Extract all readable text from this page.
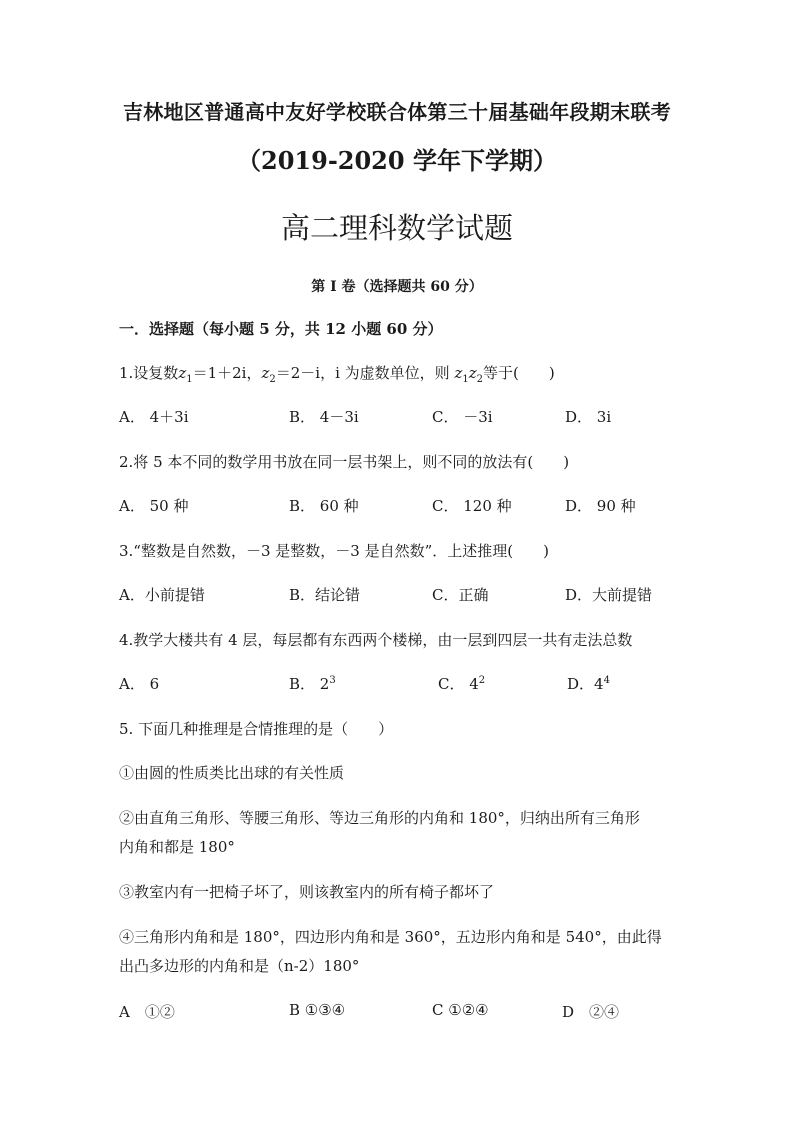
吉林地区普通高中友好学校联合体第三十届基础年段期末联考
（2019-2020 学年下学期）
高二理科数学试题
第 I 卷（选择题共 60 分）
一．选择题（每小题 5 分，共 12 小题 60 分）
1.设复数$z_1=1+2i$，$z_2=2-i$，i 为虚数单位，则 $z_1z_2$等于(　　)
A． 4＋3i	B． 4－3i	C． －3i	D． 3i
2.将 5 本不同的数学用书放在同一层书架上，则不同的放法有(　　)
A． 50 种	B． 60 种	C． 120 种	D． 90 种
3.“整数是自然数，－3 是整数，－3 是自然数”．上述推理(　　)
A．小前提错	B．结论错	C．正确	D．大前提错
4.教学大楼共有 4 层，每层都有东西两个楼梯，由一层到四层一共有走法总数
A． 6	B． $2^3$	C． $4^2$	D．$4^4$
5. 下面几种推理是合情推理的是（　　）
①由圆的性质类比出球的有关性质
②由直角三角形、等腰三角形、等边三角形的内角和 180°，归纳出所有三角形
内角和都是 180°
③教室内有一把椅子坏了，则该教室内的所有椅子都坏了
④三角形内角和是 180°，四边形内角和是 360°，五边形内角和是 540°，由此得
出凸多边形的内角和是（n-2）180°
A　①②	B ①③④	C ①②④	D　②④
